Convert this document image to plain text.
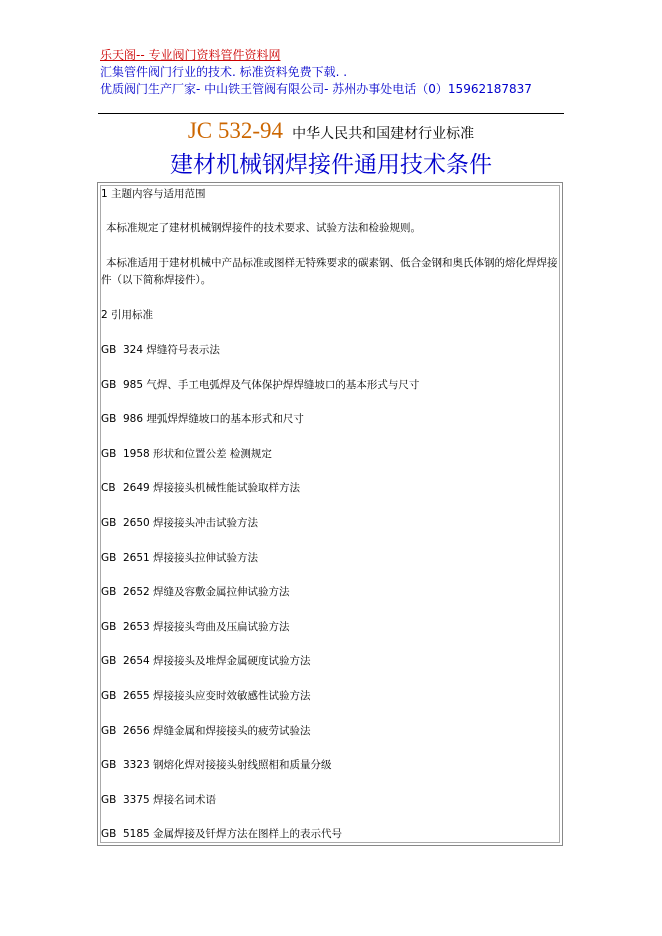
乐天阁-- 专业阀门资料管件资料网
汇集管件阀门行业的技术. 标准资料免费下载. .
优质阀门生产厂家- 中山铁王管阀有限公司- 苏州办事处电话（0）15962187837
JC 532-94 中华人民共和国建材行业标准
建材机械钢焊接件通用技术条件
1 主题内容与适用范围
本标准规定了建材机械钢焊接件的技术要求、试验方法和检验规则。
本标准适用于建材机械中产品标准或图样无特殊要求的碳素钢、低合金钢和奥氏体钢的熔化焊焊接件（以下简称焊接件）。
2 引用标准
GB 324 焊缝符号表示法
GB 985 气焊、手工电弧焊及气体保护焊焊缝坡口的基本形式与尺寸
GB 986 埋弧焊焊缝坡口的基本形式和尺寸
GB 1958 形状和位置公差 检测规定
CB 2649 焊接接头机械性能试验取样方法
GB 2650 焊接接头冲击试验方法
GB 2651 焊接接头拉伸试验方法
GB 2652 焊缝及容敷金属拉伸试验方法
GB 2653 焊接接头弯曲及压扁试验方法
GB 2654 焊接接头及堆焊金属硬度试验方法
GB 2655 焊接接头应变时效敏感性试验方法
GB 2656 焊缝金属和焊接接头的疲劳试验法
GB 3323 钢熔化焊对接接头射线照相和质量分级
GB 3375 焊接名词术语
GB 5185 金属焊接及钎焊方法在图样上的表示代号
